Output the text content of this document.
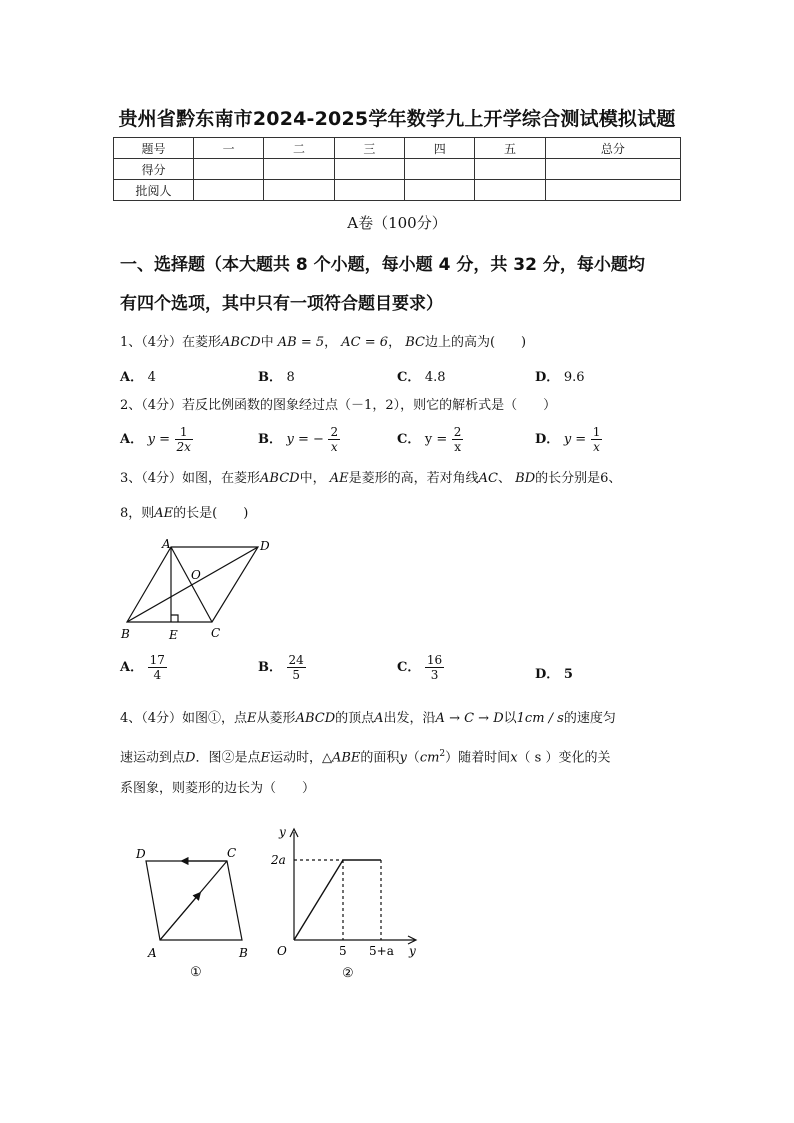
贵州省黔东南市2024-2025学年数学九上开学综合测试模拟试题
题号	一	二	三	四	五	总分
得分						
批阅人						
A卷（100分）
一、选择题（本大题共 8 个小题，每小题 4 分，共 32 分，每小题均
有四个选项，其中只有一项符合题目要求）
1、（4分）在菱形ABCD中 AB = 5， AC = 6， BC边上的高为(　　)
A． 4	B． 8	C． 4.8	D． 9.6
2、（4分）若反比例函数的图象经过点（－1，2），则它的解析式是（　　）
A． $y = \frac{1}{2x}$	B． y = − $\frac{2}{x}$	C． $y = \frac{2}{x}$	D． $y = \frac{1}{x}$
3、（4分）如图，在菱形ABCD中， AE是菱形的高，若对角线AC、 BD的长分别是6、
8，则AE的长是(　　)
A	D
O
B	E	C
A． $\frac{17}{4}$	B． $\frac{24}{5}$	C． $\frac{16}{3}$	D． 5
4、（4分）如图①，点E从菱形ABCD的顶点A出发，沿A → C → D以1cm / s的速度匀
速运动到点D．图②是点E运动时，△ABE的面积$y(cm^2)$随着时间x（ s ）变化的关
系图象，则菱形的边长为（　　）
D	C
A	B
①
y
2a
O	5 5+a y
②
